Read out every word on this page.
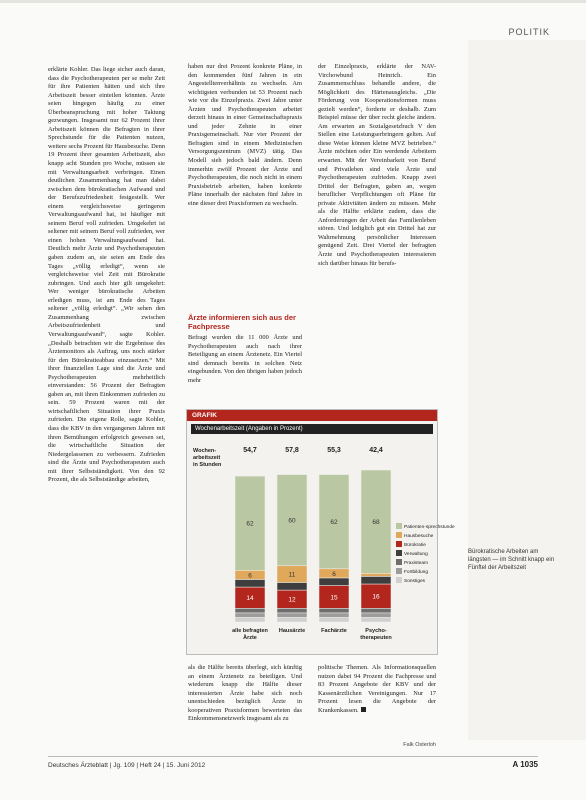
POLITIK

erklärte Kohler. Das liege sicher auch daran, dass die Psychotherapeuten per se mehr Zeit für ihre Patienten hätten und sich ihre Arbeitszeit besser einteilen könnten. Ärzte seien hingegen häufig zu einer Überbeanspruchung mit hoher Taktung gezwungen. Insgesamt nur 62 Prozent ihrer Arbeitszeit können die Befragten in ihrer Sprechstunde für die Patienten nutzen, weitere sechs Prozent für Hausbesuche. Denn 19 Prozent ihrer gesamten Arbeitszeit, also knapp acht Stunden pro Woche, müssen sie mit Verwaltungsarbeit verbringen. Einen deutlichen Zusammenhang hat man dabei zwischen dem bürokratischen Aufwand und der Berufszufriedenheit festgestellt. Wer einem vergleichsweise geringeren Verwaltungsaufwand hat, ist häufiger mit seinem Beruf voll zufrieden. Umgekehrt ist seltener mit seinem Beruf voll zufrieden, wer einen hohen Verwaltungsaufwand hat. Deutlich mehr Ärzte und Psychotherapeuten gaben zudem an, sie seien am Ende des Tages „völlig erledigt“, wenn sie vergleichsweise viel Zeit mit Bürokratie zubringen. Und auch hier gilt umgekehrt: Wer weniger bürokratische Arbeiten erledigen muss, ist am Ende des Tages seltener „völlig erledigt“. „Wir sehen den Zusammenhang zwischen Arbeitszufriedenheit und Verwaltungsaufwand“, sagte Kohler. „Deshalb betrachten wir die Ergebnisse des Ärztemonitors als Auftrag, uns noch stärker für den Bürokratieabbau einzusetzen.“ Mit ihrer finanziellen Lage sind die Ärzte und Psychotherapeuten mehrheitlich einverstanden: 56 Prozent der Befragten gaben an, mit ihren Einkommen zufrieden zu sein. 59 Prozent waren mit der wirtschaftlichen Situation ihrer Praxis zufrieden. Die eigene Rolle, sagte Kohler, dass die KBV in den vergangenen Jahren mit ihren Bemühungen erfolgreich gewesen sei, die wirtschaftliche Situation der Niedergelassenen zu verbessern. Zufrieden sind die Ärzte und Psychotherapeuten auch mit ihrer Selbstständigkeit. Von den 92 Prozent, die als Selbstständige arbeiten,

haben nur drei Prozent konkrete Pläne, in den kommenden fünf Jahren in ein Angestelltenverhältnis zu wechseln. Am wichtigsten verbunden ist 53 Prozent nach wie vor die Einzelpraxis. Zwei Jahre unter Ärzten und Psychotherapeuten arbeitet derzeit hinaus in einer Gemeinschaftspraxis und jeder Zehnte in einer Praxisgemeinschaft. Nur vier Prozent der Befragten sind in einem Medizinischen Versorgungszentrum (MVZ) tätig. Das Modell sieh jedoch bald ändern. Denn immerhin zwölf Prozent der Ärzte und Psychotherapeuten, die noch nicht in einem Praxisbetrieb arbeiten, haben konkrete Pläne innerhalb der nächsten fünf Jahre in eine dieser drei Praxisformen zu wechseln.

Ärzte informieren sich aus der Fachpresse

Befragt wurden die 11 000 Ärzte und Psychotherapeuten auch nach ihrer Beteiligung an einem Ärztenetz. Ein Viertel sind demnach bereits in solchen Netz eingebunden. Von den übrigen haben jedoch mehr

der Einzelpraxis, erklärte der NAV-Virchowbund Heinrich. Ein Zusammenschluss behandle andere, die Möglichkeit des Härtenausgleichs. „Die Förderung von Kooperationsformen muss gezielt werden“, forderte er deshalb. Zum Beispiel müsse der über recht gleiche ändern. Am erwarten an Sozialgesetzbuch V den Stellen eine Leistungserbringern gelten. Auf diese Weise können kleine MVZ betrieben.“ Ärzte möchten oder Ein werdende Arbeitern erwarten. Mit der Vereinbarkeit von Beruf und Privatleben sind viele Ärzte und Psychotherapeuten zufrieden. Knapp zwei Drittel der Befragten, gaben an, wegen beruflicher Verpflichtungen oft Pläne für private Aktivitäten ändern zu müssen. Mehr als die Hälfte erklärte zudem, dass die Anforderungen der Arbeit das Familienleben stören. Und lediglich gut ein Drittel hat zur Wahrnehmung persönlicher Interessen genügend Zeit. Drei Viertel der befragten Ärzte und Psychotherapeuten interessieren sich darüber hinaus für berufs-

GRAFIK
Wochenarbeitszeit (Angaben in Prozent)
Wochen-
arbeitszeit
in Stunden
54,7
14
6
62
alle befragten
Ärzte
57,8
12
11
60
Hausärzte
55,3
15
6
62
Fachärzte
42,4
16
68
Psycho-
therapeuten
Patienten-sprechstunde
Hausbesuche
Bürokratie
Verwaltung
Praxisteam
Fortbildung
Sonstiges
Bürokratische Arbeiten am längsten — im Schnitt knapp ein Fünftel der Arbeitszeit

als die Hälfte bereits überlegt, sich künftig an einem Ärztenetz zu beteiligen. Und wiederum knapp die Hälfte dieser interessierten Ärzte habe sich noch unentschieden bezüglich Ärzte in kooperativen Praxisformen bewerteten das Einkommensnetzwerk insgesamt als zu

politische Themen. Als Informationsquellen nutzen dabei 94 Prozent die Fachpresse und 83 Prozent Angebote der KBV und der Kassenärztlichen Vereinigungen. Nur 17 Prozent lesen die Angebote der Krankenkassen.

Falk Osterloh
Deutsches Ärzteblatt | Jg. 109 | Heft 24 | 15. Juni 2012	A 1035
